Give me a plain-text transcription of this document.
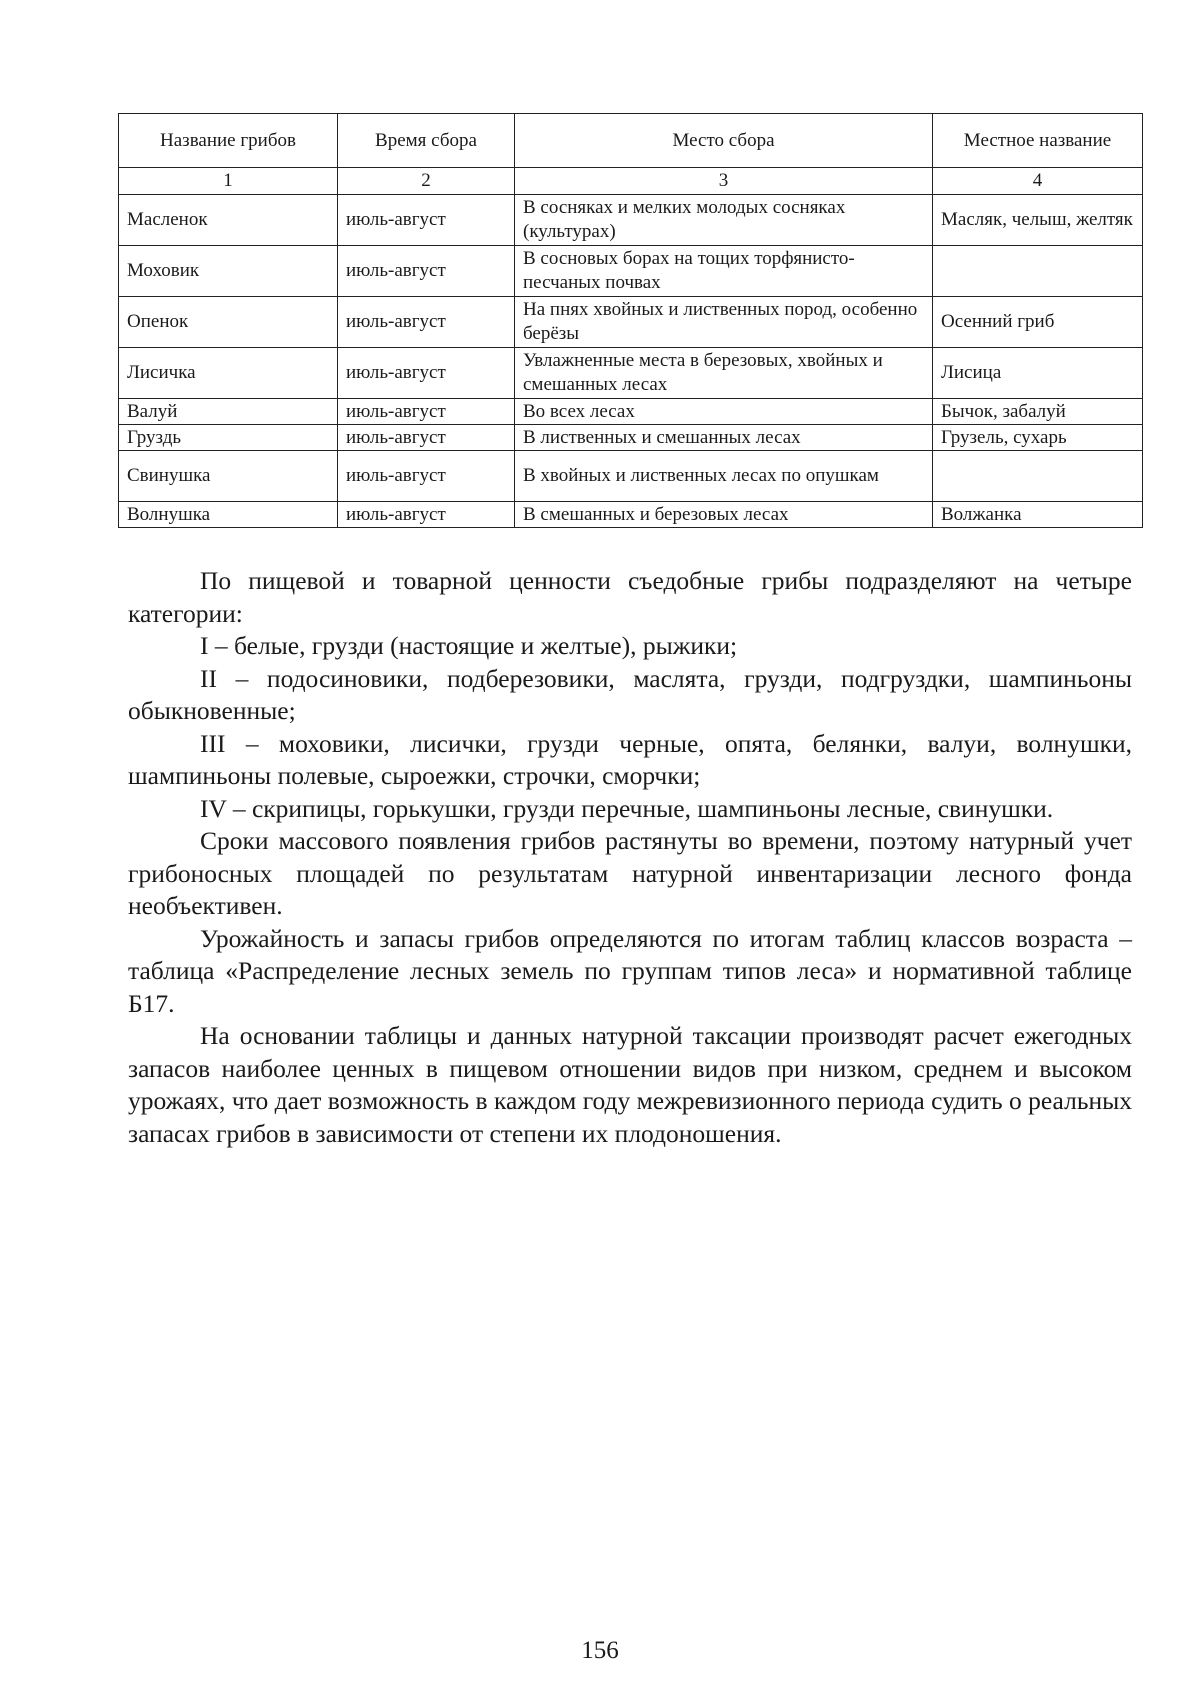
Название грибов	Время сбора	Место сбора	Местное название
1	2	3	4
Масленок	июль-август	В сосняках и мелких молодых сосняках (культурах)	Масляк, челыш, желтяк
Моховик	июль-август	В сосновых борах на тощих торфянисто-песчаных почвах	
Опенок	июль-август	На пнях хвойных и лиственных пород, особенно берёзы	Осенний гриб
Лисичка	июль-август	Увлажненные места в березовых, хвойных и смешанных лесах	Лисица
Валуй	июль-август	Во всех лесах	Бычок, забалуй
Груздь	июль-август	В лиственных и смешанных лесах	Грузель, сухарь
Свинушка	июль-август	В хвойных и лиственных лесах по опушкам	
Волнушка	июль-август	В смешанных и березовых лесах	Волжанка

По пищевой и товарной ценности съедобные грибы подразделяют на четыре категории:

I – белые, грузди (настоящие и желтые), рыжики;

II – подосиновики, подберезовики, маслята, грузди, подгруздки, шампиньоны обыкновенные;

III – моховики, лисички, грузди черные, опята, белянки, валуи, волнушки, шампиньоны полевые, сыроежки, строчки, сморчки;

IV – скрипицы, горькушки, грузди перечные, шампиньоны лесные, свинушки.

Сроки массового появления грибов растянуты во времени, поэтому натурный учет грибоносных площадей по результатам натурной инвентаризации лесного фонда необъективен.

Урожайность и запасы грибов определяются по итогам таблиц классов возраста – таблица «Распределение лесных земель по группам типов леса» и нормативной таблице Б17.

На основании таблицы и данных натурной таксации производят расчет ежегодных запасов наиболее ценных в пищевом отношении видов при низком, среднем и высоком урожаях, что дает возможность в каждом году межревизионного периода судить о реальных запасах грибов в зависимости от степени их плодоношения.

156
